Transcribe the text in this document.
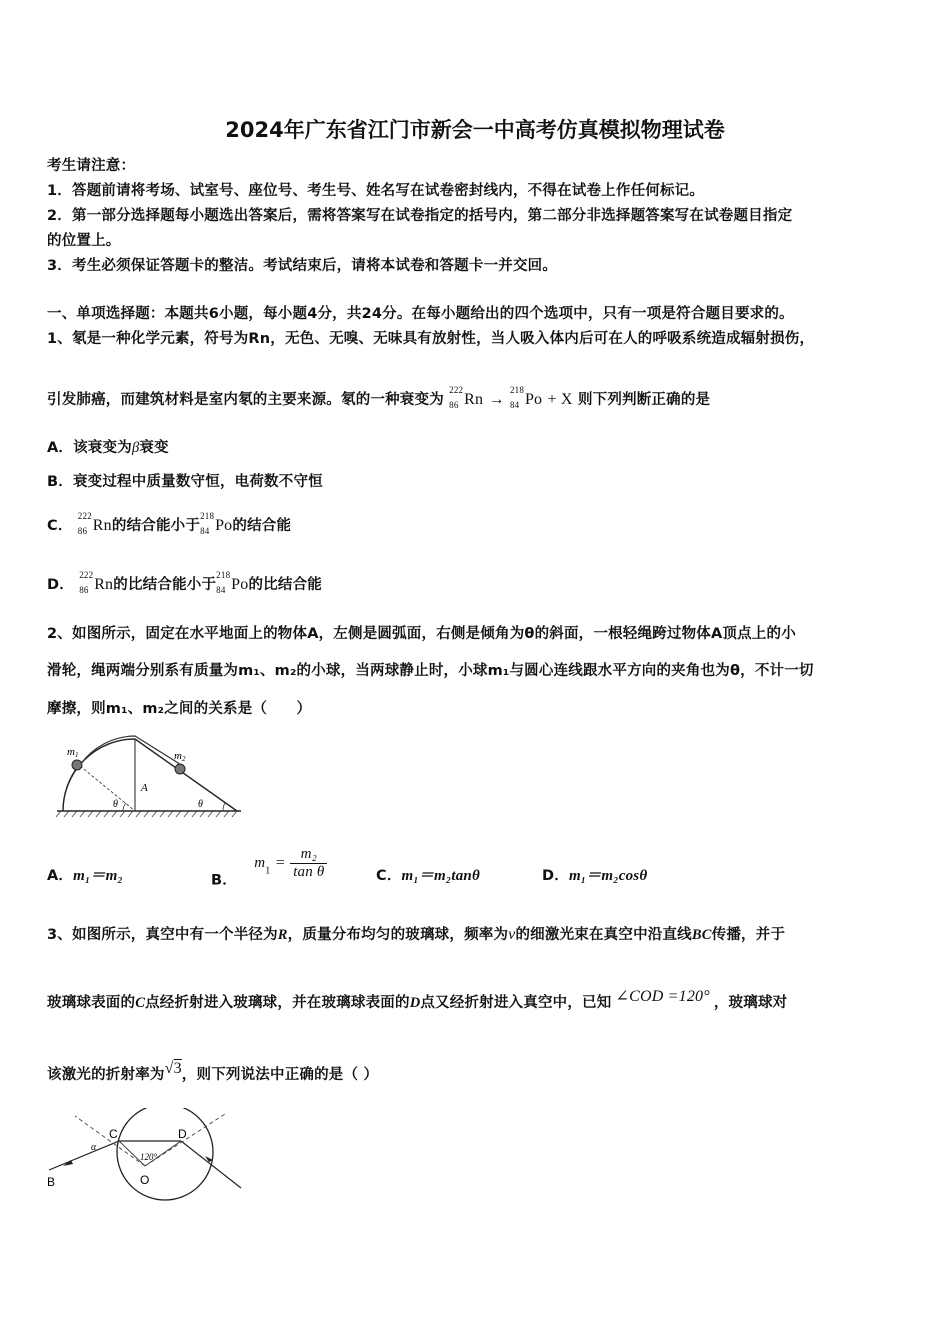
2024年广东省江门市新会一中高考仿真模拟物理试卷
考生请注意：
1．答题前请将考场、试室号、座位号、考生号、姓名写在试卷密封线内，不得在试卷上作任何标记。
2．第一部分选择题每小题选出答案后，需将答案写在试卷指定的括号内，第二部分非选择题答案写在试卷题目指定
的位置上。
3．考生必须保证答题卡的整洁。考试结束后，请将本试卷和答题卡一并交回。
一、单项选择题：本题共6小题，每小题4分，共24分。在每小题给出的四个选项中，只有一项是符合题目要求的。
1、氡是一种化学元素，符号为Rn，无色、无嗅、无味具有放射性，当人吸入体内后可在人的呼吸系统造成辐射损伤，
引发肺癌，而建筑材料是室内氡的主要来源。氡的一种衰变为
222
86 Rn →
218
84 Po + X 则下列判断正确的是
A．该衰变为β衰变
B．衰变过程中质量数守恒，电荷数不守恒
C．
222
86 Rn的结合能小于
218
84 Po的结合能
D．
222
86 Rn的比结合能小于
218
84 Po的比结合能
2、如图所示，固定在水平地面上的物体A，左侧是圆弧面，右侧是倾角为θ的斜面，一根轻绳跨过物体A顶点上的小
滑轮，绳两端分别系有质量为m₁、m₂的小球，当两球静止时，小球m₁与圆心连线跟水平方向的夹角也为θ，不计一切
摩擦，则m₁、m₂之间的关系是（　　）
m1	m2
A
θ	θ
A．m₁＝m₂	B． $m_1 = \frac{\text{m₂}}{\text{tan θ}}$	C．m₁＝m₂tanθ	D．m₁＝m₂cosθ
3、如图所示，真空中有一个半径为R，质量分布均匀的玻璃球，频率为ν的细激光束在真空中沿直线BC传播，并于
玻璃球表面的C点经折射进入玻璃球，并在玻璃球表面的D点又经折射进入真空中，已知 ∠COD =120° ，玻璃球对
该激光的折射率为√3，则下列说法中正确的是（ ）
B
C	D
O
α
120°
